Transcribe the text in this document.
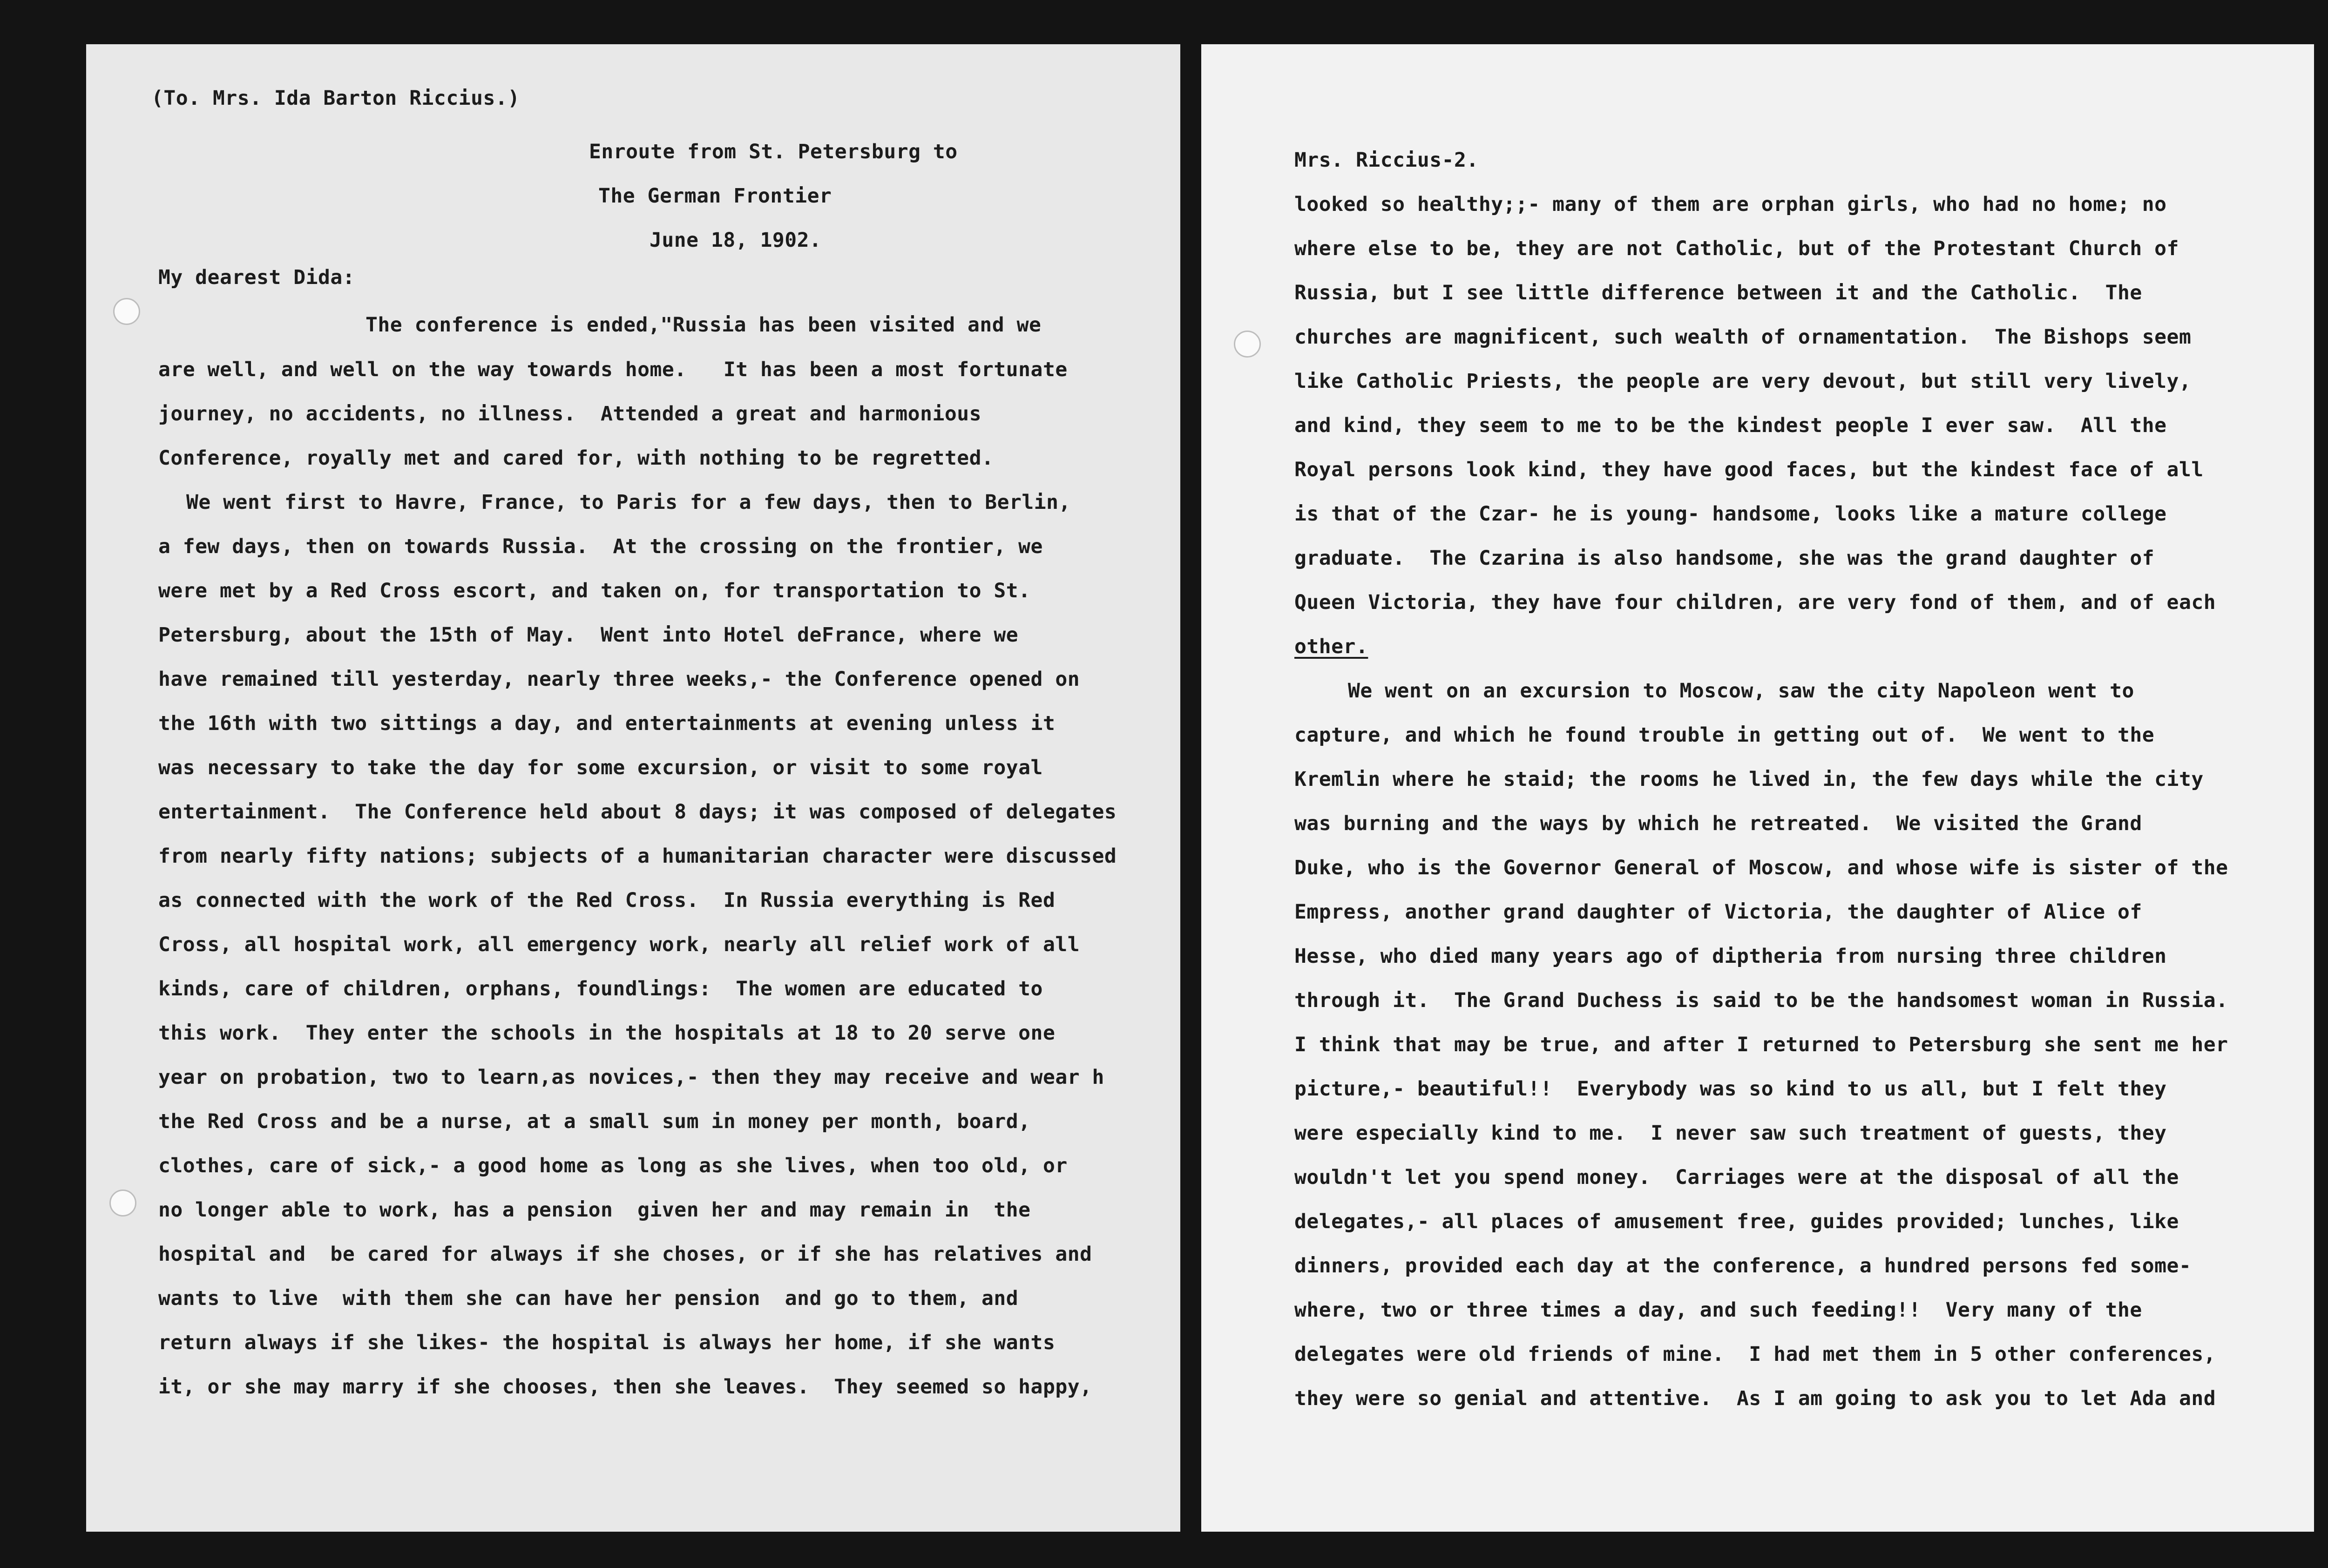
(To. Mrs. Ida Barton Riccius.)
Enroute from St. Petersburg to
The German Frontier
June 18, 1902.
My dearest Dida:
The conference is ended,"Russia has been visited and we
are well, and well on the way towards home.   It has been a most fortunate
journey, no accidents, no illness.  Attended a great and harmonious
Conference, royally met and cared for, with nothing to be regretted.
We went first to Havre, France, to Paris for a few days, then to Berlin,
a few days, then on towards Russia.  At the crossing on the frontier, we
were met by a Red Cross escort, and taken on, for transportation to St.
Petersburg, about the 15th of May.  Went into Hotel deFrance, where we
have remained till yesterday, nearly three weeks,- the Conference opened on
the 16th with two sittings a day, and entertainments at evening unless it
was necessary to take the day for some excursion, or visit to some royal
entertainment.  The Conference held about 8 days; it was composed of delegates
from nearly fifty nations; subjects of a humanitarian character were discussed
as connected with the work of the Red Cross.  In Russia everything is Red
Cross, all hospital work, all emergency work, nearly all relief work of all
kinds, care of children, orphans, foundlings:  The women are educated to
this work.  They enter the schools in the hospitals at 18 to 20 serve one
year on probation, two to learn,as novices,- then they may receive and wear h
the Red Cross and be a nurse, at a small sum in money per month, board,
clothes, care of sick,- a good home as long as she lives, when too old, or
no longer able to work, has a pension  given her and may remain in  the
hospital and  be cared for always if she choses, or if she has relatives and
wants to live  with them she can have her pension  and go to them, and
return always if she likes- the hospital is always her home, if she wants
it, or she may marry if she chooses, then she leaves.  They seemed so happy,
Mrs. Riccius-2.
looked so healthy;;- many of them are orphan girls, who had no home; no
where else to be, they are not Catholic, but of the Protestant Church of
Russia, but I see little difference between it and the Catholic.  The
churches are magnificent, such wealth of ornamentation.  The Bishops seem
like Catholic Priests, the people are very devout, but still very lively,
and kind, they seem to me to be the kindest people I ever saw.  All the
Royal persons look kind, they have good faces, but the kindest face of all
is that of the Czar- he is young- handsome, looks like a mature college
graduate.  The Czarina is also handsome, she was the grand daughter of
Queen Victoria, they have four children, are very fond of them, and of each
other.
We went on an excursion to Moscow, saw the city Napoleon went to
capture, and which he found trouble in getting out of.  We went to the
Kremlin where he staid; the rooms he lived in, the few days while the city
was burning and the ways by which he retreated.  We visited the Grand
Duke, who is the Governor General of Moscow, and whose wife is sister of the
Empress, another grand daughter of Victoria, the daughter of Alice of
Hesse, who died many years ago of diptheria from nursing three children
through it.  The Grand Duchess is said to be the handsomest woman in Russia.
I think that may be true, and after I returned to Petersburg she sent me her
picture,- beautiful!!  Everybody was so kind to us all, but I felt they
were especially kind to me.  I never saw such treatment of guests, they
wouldn't let you spend money.  Carriages were at the disposal of all the
delegates,- all places of amusement free, guides provided; lunches, like
dinners, provided each day at the conference, a hundred persons fed some-
where, two or three times a day, and such feeding!!  Very many of the
delegates were old friends of mine.  I had met them in 5 other conferences,
they were so genial and attentive.  As I am going to ask you to let Ada and
